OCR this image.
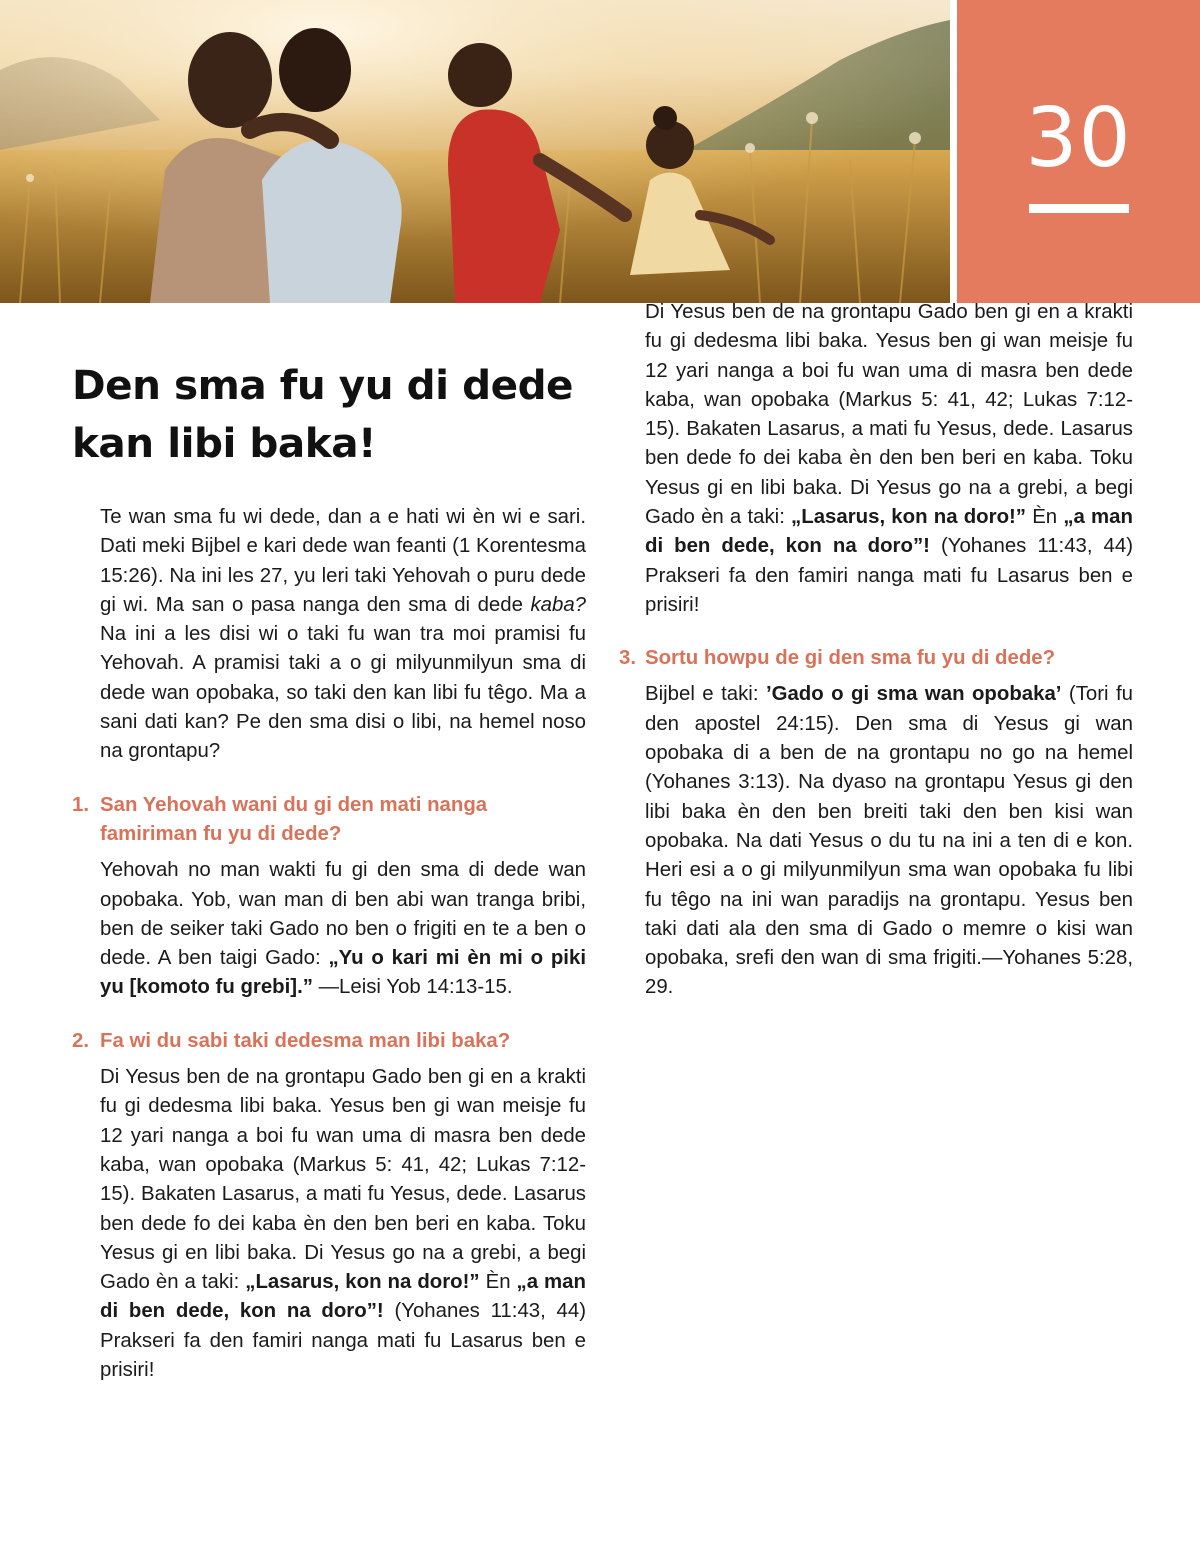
30
Den sma fu yu di dede
kan libi baka!

Te wan sma fu wi dede, dan a e hati wi èn wi e sari. Dati meki Bijbel e kari dede wan feanti (1 Korentesma 15:26). Na ini les 27, yu leri taki Yehovah o puru dede gi wi. Ma san o pasa nanga den sma di dede kaba? Na ini a les disi wi o taki fu wan tra moi pramisi fu Yehovah. A pramisi taki a o gi milyunmilyun sma di dede wan opobaka, so taki den kan libi fu têgo. Ma a sani dati kan? Pe den sma disi o libi, na hemel noso na grontapu?

1. San Yehovah wani du gi den mati nanga famiriman fu yu di dede?

Yehovah no man wakti fu gi den sma di dede wan opobaka. Yob, wan man di ben abi wan tranga bribi, ben de seiker taki Gado no ben o frigiti en te a ben o dede. A ben taigi Gado: „Yu o kari mi èn mi o piki yu [komoto fu grebi].” —Leisi Yob 14:13-15.

2. Fa wi du sabi taki dedesma man libi baka?

Di Yesus ben de na grontapu Gado ben gi en a krakti fu gi dedesma libi baka. Yesus ben gi wan meisje fu 12 yari nanga a boi fu wan uma di masra ben dede kaba, wan opobaka (Markus 5: 41, 42; Lukas 7:12-15). Bakaten Lasarus, a mati fu Yesus, dede. Lasarus ben dede fo dei kaba èn den ben beri en kaba. Toku Yesus gi en libi baka. Di Yesus go na a grebi, a begi Gado èn a taki: „Lasarus, kon na doro!” Èn „a man di ben dede, kon na doro”! (Yohanes 11:43, 44) Prakseri fa den famiri nanga mati fu Lasarus ben e prisiri!

Di Yesus ben de na grontapu Gado ben gi en a krakti fu gi dedesma libi baka. Yesus ben gi wan meisje fu 12 yari nanga a boi fu wan uma di masra ben dede kaba, wan opobaka (Markus 5: 41, 42; Lukas 7:12-15). Bakaten Lasarus, a mati fu Yesus, dede. Lasarus ben dede fo dei kaba èn den ben beri en kaba. Toku Yesus gi en libi baka. Di Yesus go na a grebi, a begi Gado èn a taki: „Lasarus, kon na doro!” Èn „a man di ben dede, kon na doro”! (Yohanes 11:43, 44) Prakseri fa den famiri nanga mati fu Lasarus ben e prisiri!

3. Sortu howpu de gi den sma fu yu di dede?

Bijbel e taki: ’Gado o gi sma wan opobaka’ (Tori fu den apostel 24:15). Den sma di Yesus gi wan opobaka di a ben de na grontapu no go na hemel (Yohanes 3:13). Na dyaso na grontapu Yesus gi den libi baka èn den ben breiti taki den ben kisi wan opobaka. Na dati Yesus o du tu na ini a ten di e kon. Heri esi a o gi milyunmilyun sma wan opobaka fu libi fu têgo na ini wan paradijs na grontapu. Yesus ben taki dati ala den sma di Gado o memre o kisi wan opobaka, srefi den wan di sma frigiti.—Yohanes 5:28, 29.
